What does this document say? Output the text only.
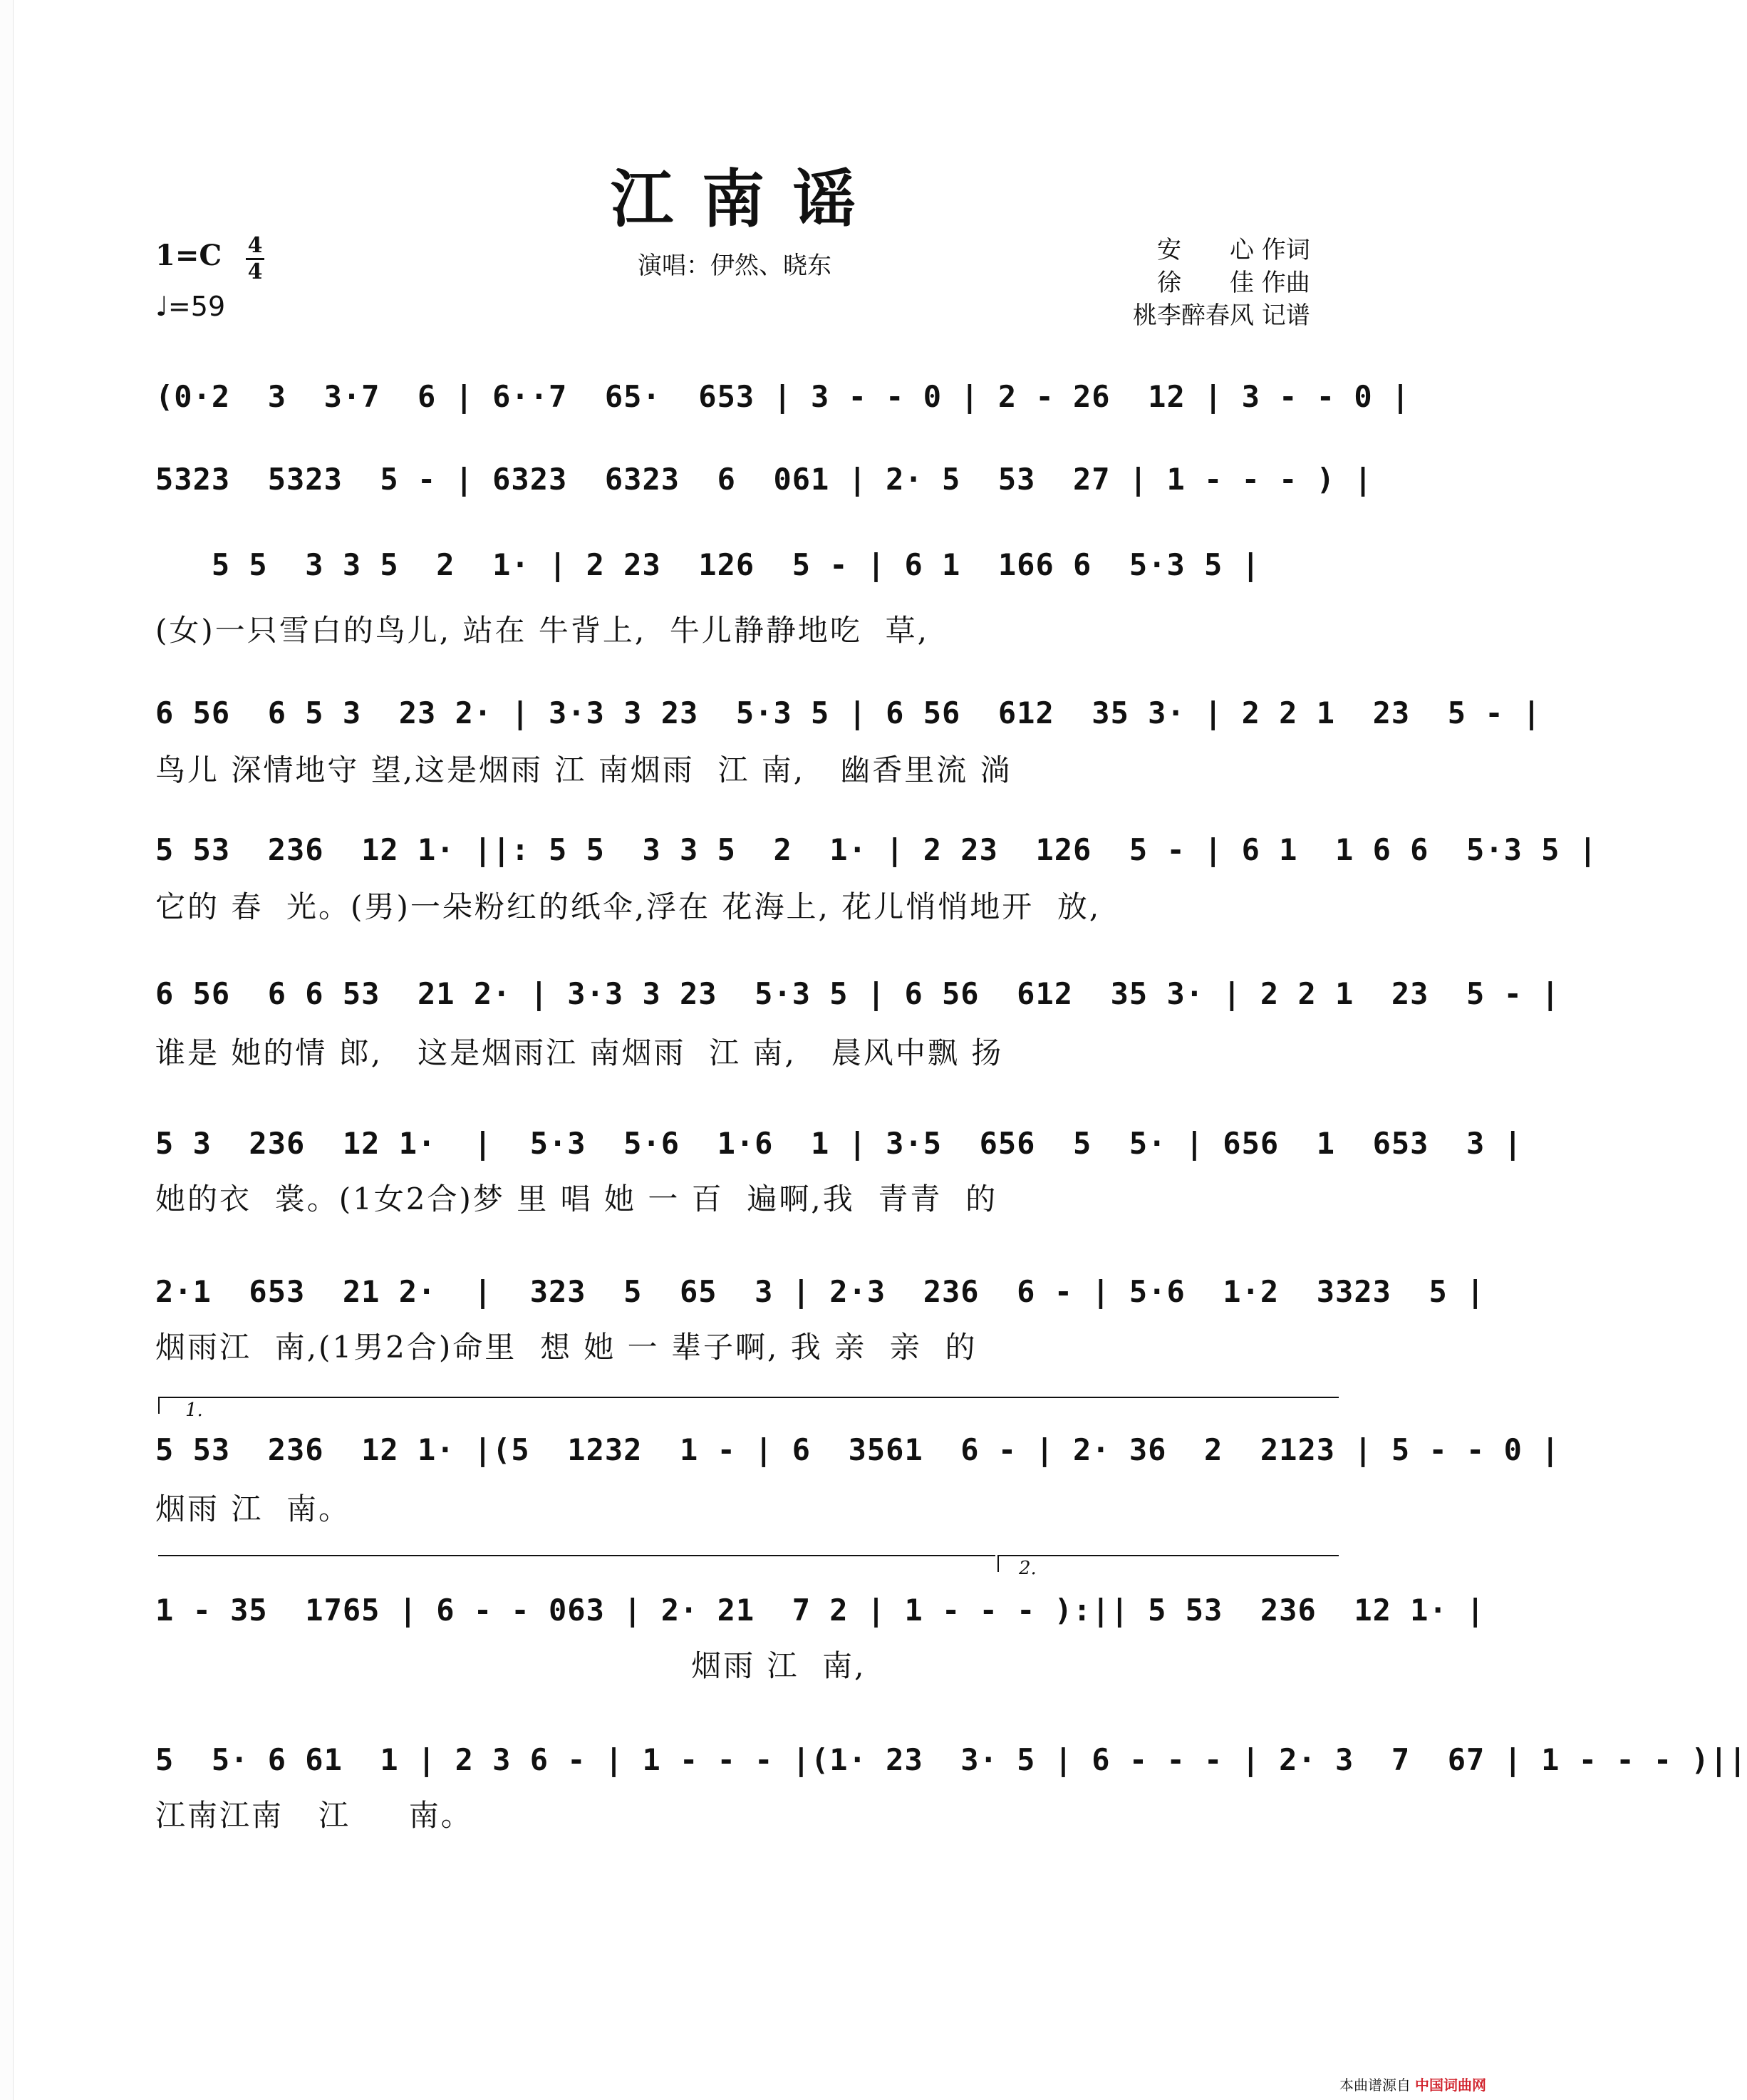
江南谣
1=C 4
4
♩=59
演唱：伊然、晓东
安　　心 作词
徐　　佳 作曲
桃李醉春风 记谱
(0·2  3  3·7  6 | 6··7  65·  653 | 3 - - 0 | 2 - 26  12 | 3 - - 0 |
5323  5323  5 - | 6323  6323  6  061 | 2· 5  53  27 | 1 - - - ) |
5 5  3 3 5  2  1· | 2 23  126  5 - | 6 1  166 6  5·3 5 |
(女)一只雪白的鸟儿, 站在 牛背上,  牛儿静静地吃  草,
6 56  6 5 3  23 2· | 3·3 3 23  5·3 5 | 6 56  612  35 3· | 2 2 1  23  5 - |
鸟儿 深情地守 望,这是烟雨 江 南烟雨  江 南,   幽香里流 淌
5 53  236  12 1· ||: 5 5  3 3 5  2  1· | 2 23  126  5 - | 6 1  1 6 6  5·3 5 |
它的 春  光。(男)一朵粉红的纸伞,浮在 花海上, 花儿悄悄地开  放,
6 56  6 6 53  21 2· | 3·3 3 23  5·3 5 | 6 56  612  35 3· | 2 2 1  23  5 - |
谁是 她的情 郎,   这是烟雨江 南烟雨  江 南,   晨风中飘 扬
5 3  236  12 1·  |  5·3  5·6  1·6  1 | 3·5  656  5  5· | 656  1  653  3 |
她的衣  裳。(1女2合)梦 里 唱 她 一 百  遍啊,我  青青  的
2·1  653  21 2·  |  323  5  65  3 | 2·3  236  6 - | 5·6  1·2  3323  5 |
烟雨江  南,(1男2合)命里  想 她 一 辈子啊, 我 亲  亲  的
1.
5 53  236  12 1· |(5  1232  1 - | 6  3561  6 - | 2· 36  2  2123 | 5 - - 0 |
烟雨 江  南。
2.
1 - 35  1765 | 6 - - 063 | 2· 21  7 2 | 1 - - - ):|| 5 53  236  12 1· |
烟雨 江  南,
5  5· 6 61  1 | 2 3 6 - | 1 - - - |(1· 23  3· 5 | 6 - - - | 2· 3  7  67 | 1 - - - )||
江南江南   江     南。
本曲谱源自 中国词曲网
